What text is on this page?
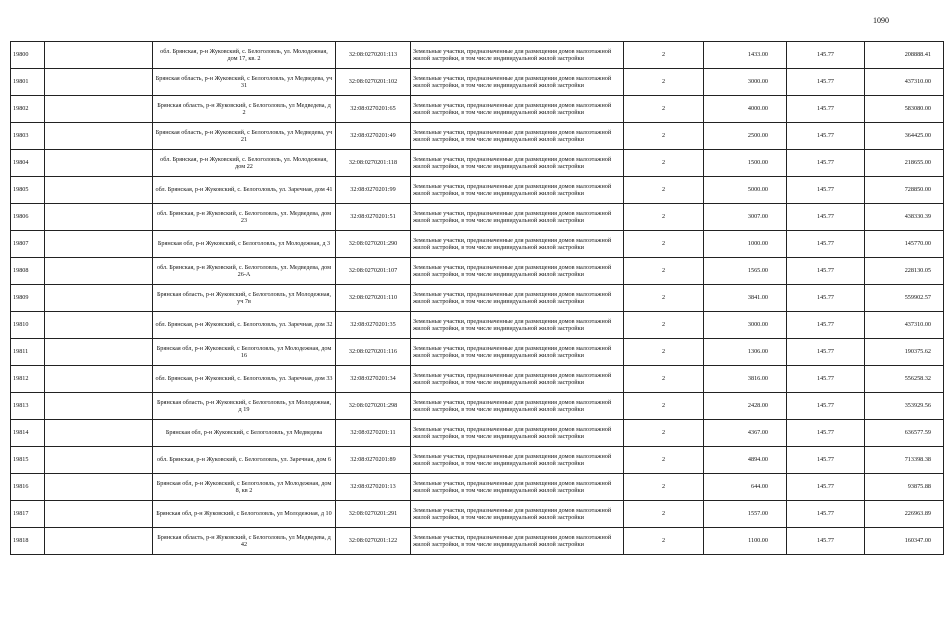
1090
19800		обл. Брянская, р-н Жуковский, с. Белоголовль, ул. Молодежная, дом 17, кв. 2	32:08:0270201:113	Земельные участки, предназначенные для размещения домов малоэтажной жилой застройки, в том числе индивидуальной жилой застройки	2	1433.00	145.77	208888.41
19801		Брянская область, р-н Жуковский, с Белоголовль, ул Медведева, уч 31	32:08:0270201:102	Земельные участки, предназначенные для размещения домов малоэтажной жилой застройки, в том числе индивидуальной жилой застройки	2	3000.00	145.77	437310.00
19802		Брянская область, р-н Жуковский, с Белоголовль, ул Медведева, д 2	32:08:0270201:65	Земельные участки, предназначенные для размещения домов малоэтажной жилой застройки, в том числе индивидуальной жилой застройки	2	4000.00	145.77	583080.00
19803		Брянская область, р-н Жуковский, с Белоголовль, ул Медведева, уч 21	32:08:0270201:49	Земельные участки, предназначенные для размещения домов малоэтажной жилой застройки, в том числе индивидуальной жилой застройки	2	2500.00	145.77	364425.00
19804		обл. Брянская, р-н Жуковский, с. Белоголовль, ул. Молодежная, дом 22	32:08:0270201:118	Земельные участки, предназначенные для размещения домов малоэтажной жилой застройки, в том числе индивидуальной жилой застройки	2	1500.00	145.77	218655.00
19805		обл. Брянская, р-н Жуковский, с. Белоголовль, ул. Заречная, дом 41	32:08:0270201:99	Земельные участки, предназначенные для размещения домов малоэтажной жилой застройки, в том числе индивидуальной жилой застройки	2	5000.00	145.77	728850.00
19806		обл. Брянская, р-н Жуковский, с. Белоголовль, ул. Медведева, дом 23	32:08:0270201:51	Земельные участки, предназначенные для размещения домов малоэтажной жилой застройки, в том числе индивидуальной жилой застройки	2	3007.00	145.77	438330.39
19807		Брянская обл, р-н Жуковский, с Белоголовль, ул Молодежная, д 3	32:08:0270201:290	Земельные участки, предназначенные для размещения домов малоэтажной жилой застройки, в том числе индивидуальной жилой застройки	2	1000.00	145.77	145770.00
19808		обл. Брянская, р-н Жуковский, с. Белоголовль, ул. Медведева, дом 26-А	32:08:0270201:107	Земельные участки, предназначенные для размещения домов малоэтажной жилой застройки, в том числе индивидуальной жилой застройки	2	1565.00	145.77	228130.05
19809		Брянская область, р-н Жуковский, с Белоголовль, ул Молодежная, уч 7в	32:08:0270201:110	Земельные участки, предназначенные для размещения домов малоэтажной жилой застройки, в том числе индивидуальной жилой застройки	2	3841.00	145.77	559902.57
19810		обл. Брянская, р-н Жуковский, с. Белоголовль, ул. Заречная, дом 32	32:08:0270201:35	Земельные участки, предназначенные для размещения домов малоэтажной жилой застройки, в том числе индивидуальной жилой застройки	2	3000.00	145.77	437310.00
19811		Брянская обл, р-н Жуковский, с Белоголовль, ул Молодежная, дом 16	32:08:0270201:116	Земельные участки, предназначенные для размещения домов малоэтажной жилой застройки, в том числе индивидуальной жилой застройки	2	1306.00	145.77	190375.62
19812		обл. Брянская, р-н Жуковский, с. Белоголовль, ул. Заречная, дом 33	32:08:0270201:34	Земельные участки, предназначенные для размещения домов малоэтажной жилой застройки, в том числе индивидуальной жилой застройки	2	3816.00	145.77	556258.32
19813		Брянская область, р-н Жуковский, с Белоголовль, ул Молодежная, д 19	32:08:0270201:298	Земельные участки, предназначенные для размещения домов малоэтажной жилой застройки, в том числе индивидуальной жилой застройки	2	2428.00	145.77	353929.56
19814		Брянская обл, р-н Жуковский, с Белоголовль, ул Медведева	32:08:0270201:11	Земельные участки, предназначенные для размещения домов малоэтажной жилой застройки, в том числе индивидуальной жилой застройки	2	4367.00	145.77	636577.59
19815		обл. Брянская, р-н Жуковский, с. Белоголовль, ул. Заречная, дом 6	32:08:0270201:89	Земельные участки, предназначенные для размещения домов малоэтажной жилой застройки, в том числе индивидуальной жилой застройки	2	4894.00	145.77	713398.38
19816		Брянская обл, р-н Жуковский, с Белоголовль, ул Молодежная, дом 8, кв 2	32:08:0270201:13	Земельные участки, предназначенные для размещения домов малоэтажной жилой застройки, в том числе индивидуальной жилой застройки	2	644.00	145.77	93875.88
19817		Брянская обл, р-н Жуковский, с Белоголовль, ул Молодежная, д 10	32:08:0270201:291	Земельные участки, предназначенные для размещения домов малоэтажной жилой застройки, в том числе индивидуальной жилой застройки	2	1557.00	145.77	226963.89
19818		Брянская область, р-н Жуковский, с Белоголовль, ул Медведева, д 42	32:08:0270201:122	Земельные участки, предназначенные для размещения домов малоэтажной жилой застройки, в том числе индивидуальной жилой застройки	2	1100.00	145.77	160347.00
